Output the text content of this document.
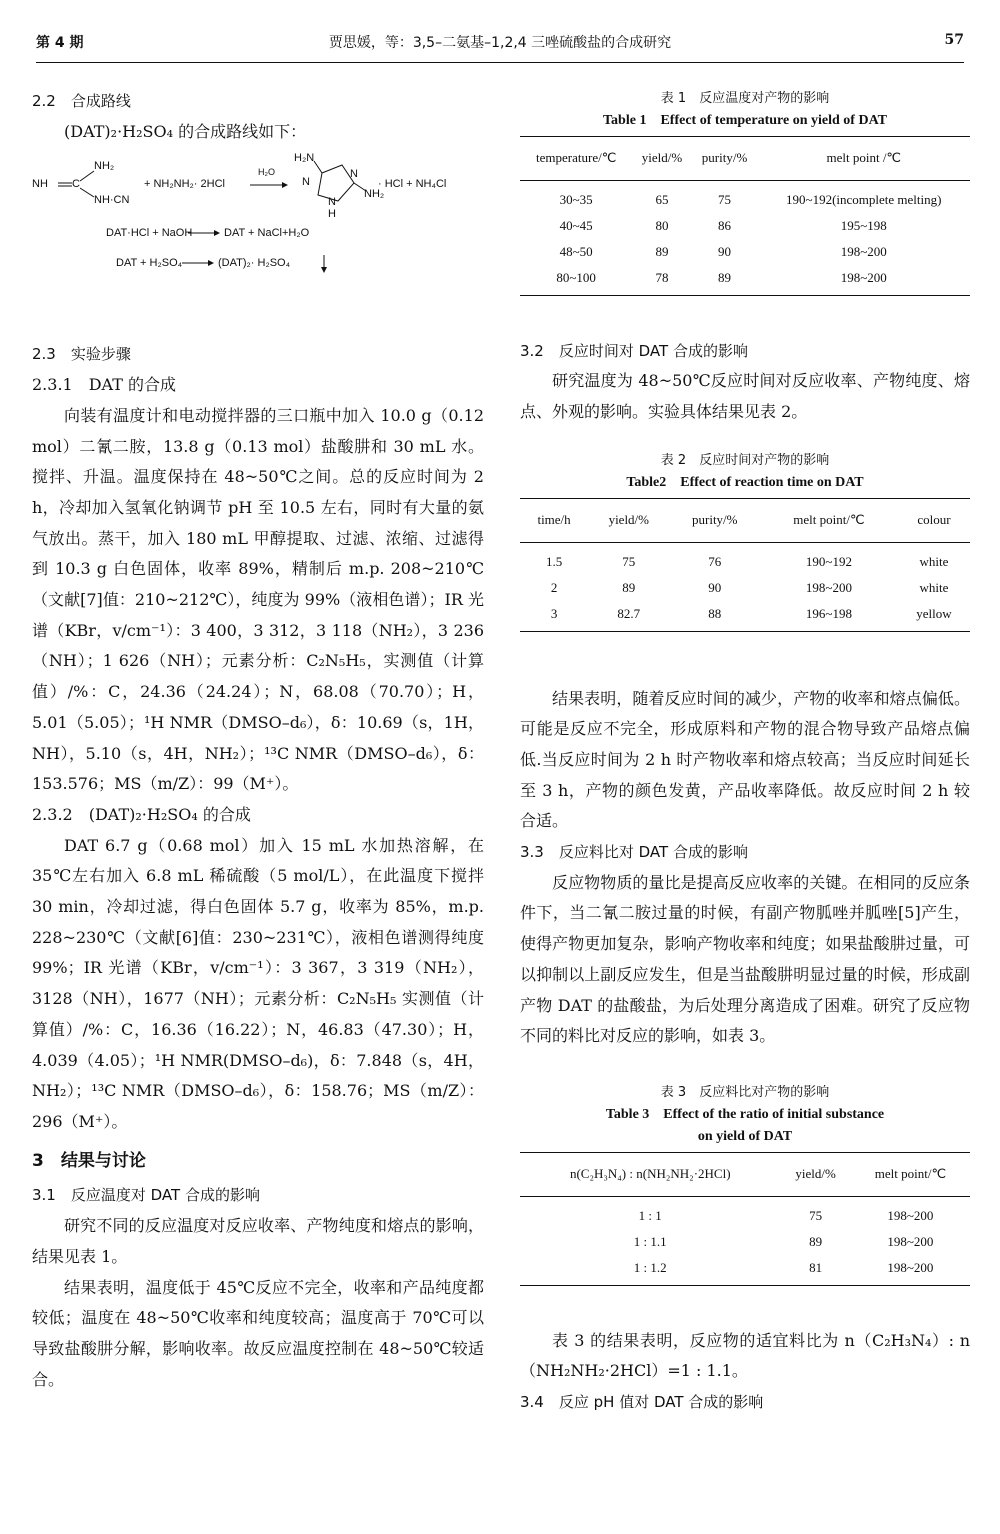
第 4 期	贾思媛，等：3,5–二氨基–1,2,4 三唑硫酸盐的合成研究	57
2.2　合成路线

(DAT)₂·H₂SO₄ 的合成路线如下：

NH C
NH₂
NH·CN
+ NH₂NH₂· 2HCl
H₂O
H₂N
N
N
N
NH₂
H
· HCl + NH₄Cl
DAT·HCl + NaOH	DAT + NaCl+H₂O
DAT + H₂SO₄	(DAT)₂· H₂SO₄
2.3　实验步骤
2.3.1　DAT 的合成

向装有温度计和电动搅拌器的三口瓶中加入 10.0 g（0.12 mol）二氰二胺，13.8 g（0.13 mol）盐酸肼和 30 mL 水。搅拌、升温。温度保持在 48~50℃之间。总的反应时间为 2 h，冷却加入氢氧化钠调节 pH 至 10.5 左右，同时有大量的氨气放出。蒸干，加入 180 mL 甲醇提取、过滤、浓缩、过滤得到 10.3 g 白色固体，收率 89%，精制后 m.p. 208~210℃（文献[7]值：210~212℃），纯度为 99%（液相色谱）；IR 光谱（KBr，v/cm⁻¹）：3 400，3 312，3 118（NH₂），3 236（NH）；1 626（NH）；元素分析：C₂N₅H₅，实测值（计算值）/%：C，24.36（24.24）；N，68.08（70.70）；H，5.01（5.05）；¹H NMR（DMSO–d₆），δ：10.69（s，1H，NH），5.10（s，4H，NH₂）；¹³C NMR（DMSO–d₆），δ：153.576；MS（m/Z）：99（M⁺）。

2.3.2　(DAT)₂·H₂SO₄ 的合成

DAT 6.7 g（0.68 mol）加入 15 mL 水加热溶解，在 35℃左右加入 6.8 mL 稀硫酸（5 mol/L），在此温度下搅拌 30 min，冷却过滤，得白色固体 5.7 g，收率为 85%，m.p. 228~230℃（文献[6]值：230~231℃），液相色谱测得纯度 99%；IR 光谱（KBr，v/cm⁻¹）：3 367，3 319（NH₂），3128（NH），1677（NH）；元素分析：C₂N₅H₅ 实测值（计算值）/%：C，16.36（16.22）；N，46.83（47.30）；H，4.039（4.05）；¹H NMR(DMSO–d₆)，δ：7.848（s，4H，NH₂）；¹³C NMR（DMSO–d₆），δ：158.76；MS（m/Z）：296（M⁺）。

3　结果与讨论
3.1　反应温度对 DAT 合成的影响

研究不同的反应温度对反应收率、产物纯度和熔点的影响，结果见表 1。

结果表明，温度低于 45℃反应不完全，收率和产品纯度都较低；温度在 48~50℃收率和纯度较高；温度高于 70℃可以导致盐酸肼分解，影响收率。故反应温度控制在 48~50℃较适合。

表 1　反应温度对产物的影响
Table 1　Effect of temperature on yield of DAT
temperature/℃	yield/%	purity/%	melt point /℃
30~35	65	75	190~192(incomplete melting)
40~45	80	86	195~198
48~50	89	90	198~200
80~100	78	89	198~200
3.2　反应时间对 DAT 合成的影响

研究温度为 48~50℃反应时间对反应收率、产物纯度、熔点、外观的影响。实验具体结果见表 2。

表 2　反应时间对产物的影响
Table2　Effect of reaction time on DAT
time/h	yield/%	purity/%	melt point/℃	colour
1.5	75	76	190~192	white
2	89	90	198~200	white
3	82.7	88	196~198	yellow

结果表明，随着反应时间的减少，产物的收率和熔点偏低。可能是反应不完全，形成原料和产物的混合物导致产品熔点偏低.当反应时间为 2 h 时产物收率和熔点较高；当反应时间延长至 3 h，产物的颜色发黄，产品收率降低。故反应时间 2 h 较合适。

3.3　反应料比对 DAT 合成的影响

反应物物质的量比是提高反应收率的关键。在相同的反应条件下，当二氰二胺过量的时候，有副产物胍唑并胍唑[5]产生，使得产物更加复杂，影响产物收率和纯度；如果盐酸肼过量，可以抑制以上副反应发生，但是当盐酸肼明显过量的时候，形成副产物 DAT 的盐酸盐，为后处理分离造成了困难。研究了反应物不同的料比对反应的影响，如表 3。

表 3　反应料比对产物的影响
Table 3　Effect of the ratio of initial substance
on yield of DAT
n(C₂H₃N₄) : n(NH₂NH₂·2HCl)	yield/%	melt point/℃
1 : 1	75	198~200
1 : 1.1	89	198~200
1 : 1.2	81	198~200

表 3 的结果表明，反应物的适宜料比为 n（C₂H₃N₄）: n（NH₂NH₂·2HCl）=1 : 1.1。

3.4　反应 pH 值对 DAT 合成的影响
